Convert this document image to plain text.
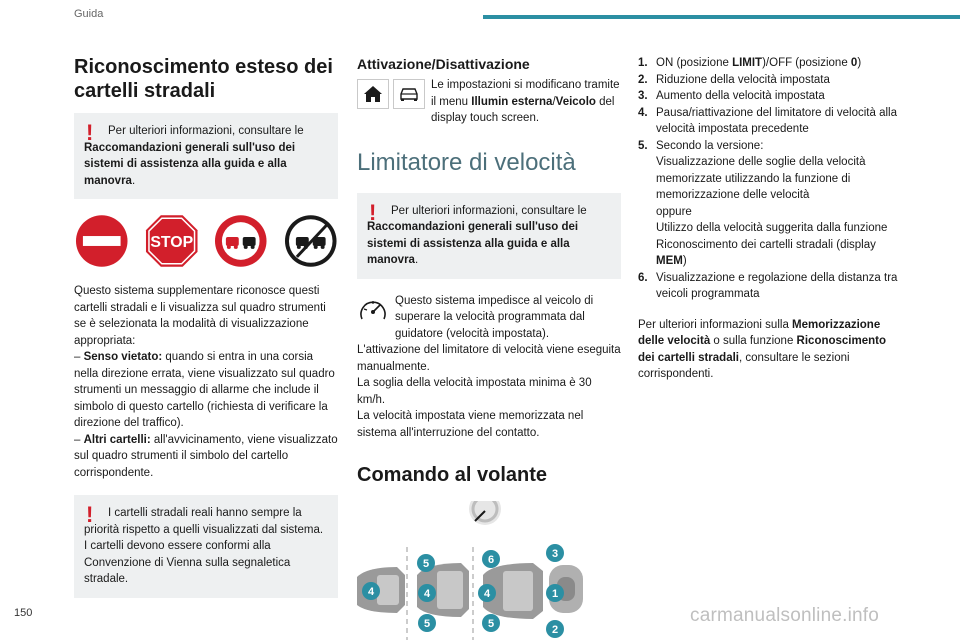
Guida
Riconoscimento esteso dei cartelli stradali
!	Per ulteriori informazioni, consultare le Raccomandazioni generali sull'uso dei sistemi di assistenza alla guida e alla manovra.

STOP

Questo sistema supplementare riconosce questi cartelli stradali e li visualizza sul quadro strumenti se è selezionata la modalità di visualizzazione appropriata:

– Senso vietato: quando si entra in una corsia nella direzione errata, viene visualizzato sul quadro strumenti un messaggio di allarme che include il simbolo di questo cartello (richiesta di verificare la direzione del traffico).

– Altri cartelli: all'avvicinamento, viene visualizzato sul quadro strumenti il simbolo del cartello corrispondente.

!	I cartelli stradali reali hanno sempre la priorità rispetto a quelli visualizzati dal sistema.

I cartelli devono essere conformi alla Convenzione di Vienna sulla segnaletica stradale.

Attivazione/Disattivazione

Le impostazioni si modificano tramite il menu Illumin esterna/Veicolo del display touch screen.

Limitatore di velocità
!	Per ulteriori informazioni, consultare le Raccomandazioni generali sull'uso dei sistemi di assistenza alla guida e alla manovra.

Questo sistema impedisce al veicolo di superare la velocità programmata dal guidatore (velocità impostata).

L'attivazione del limitatore di velocità viene eseguita manualmente.

La soglia della velocità impostata minima è 30 km/h.

La velocità impostata viene memorizzata nel sistema all'interruzione del contatto.

Comando al volante
4
5
4
5
6	3
4	1
5	2
1. ON (posizione LIMIT)/OFF (posizione 0)
2. Riduzione della velocità impostata
3. Aumento della velocità impostata
4. Pausa/riattivazione del limitatore di velocità alla velocità impostata precedente
5. Secondo la versione:
Visualizzazione delle soglie della velocità memorizzate utilizzando la funzione di memorizzazione delle velocità
oppure
Utilizzo della velocità suggerita dalla funzione Riconoscimento dei cartelli stradali (display MEM)
6. Visualizzazione e regolazione della distanza tra veicoli programmata

Per ulteriori informazioni sulla Memorizzazione delle velocità o sulla funzione Riconoscimento dei cartelli stradali, consultare le sezioni corrispondenti.

150	carmanualsonline.info
